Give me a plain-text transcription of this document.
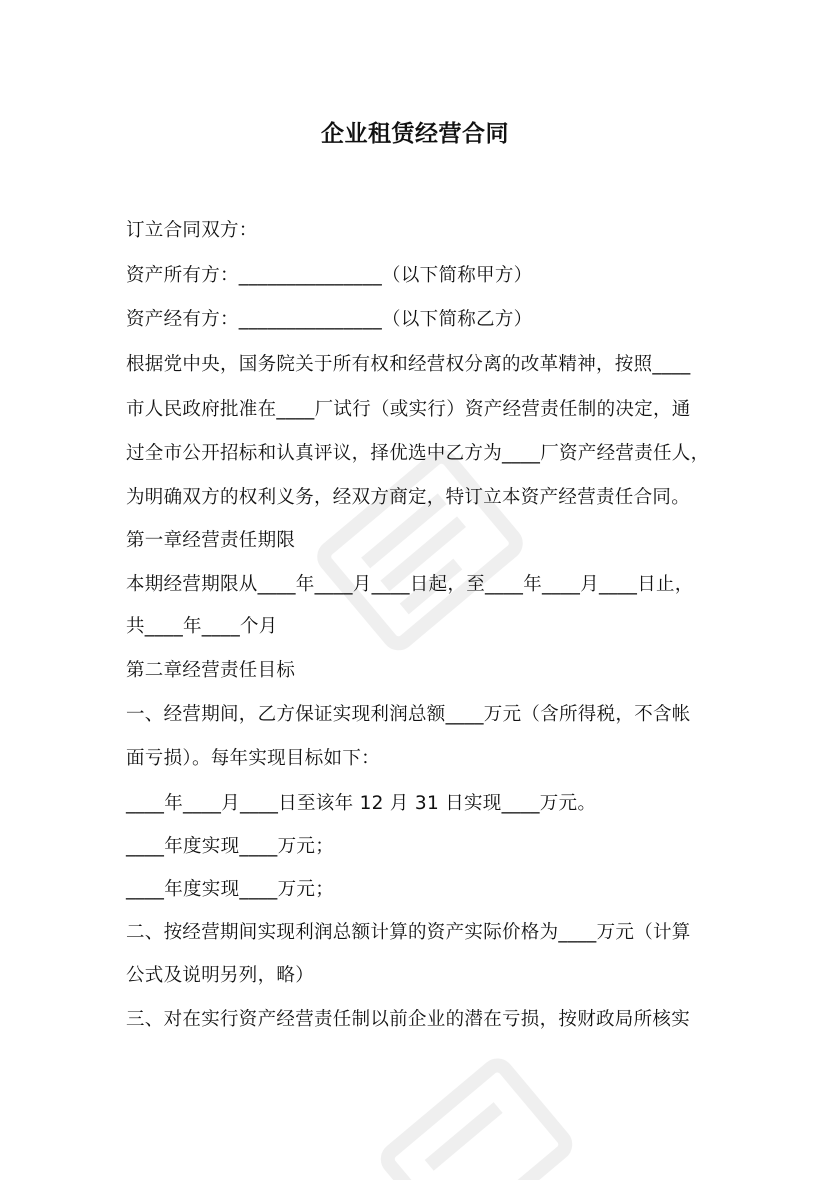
企业租赁经营合同
订立合同双方：
资产所有方：_______________（以下简称甲方）
资产经有方：_______________（以下简称乙方）
根据党中央，国务院关于所有权和经营权分离的改革精神，按照____
市人民政府批准在____厂试行（或实行）资产经营责任制的决定，通
过全市公开招标和认真评议，择优选中乙方为____厂资产经营责任人，
为明确双方的权利义务，经双方商定，特订立本资产经营责任合同。
第一章经营责任期限
本期经营期限从____年____月____日起，至____年____月____日止，
共____年____个月
第二章经营责任目标
一、经营期间，乙方保证实现利润总额____万元（含所得税，不含帐
面亏损）。每年实现目标如下：
____年____月____日至该年 12 月 31 日实现____万元。
____年度实现____万元；
____年度实现____万元；
二、按经营期间实现利润总额计算的资产实际价格为____万元（计算
公式及说明另列，略）
三、对在实行资产经营责任制以前企业的潜在亏损，按财政局所核实
